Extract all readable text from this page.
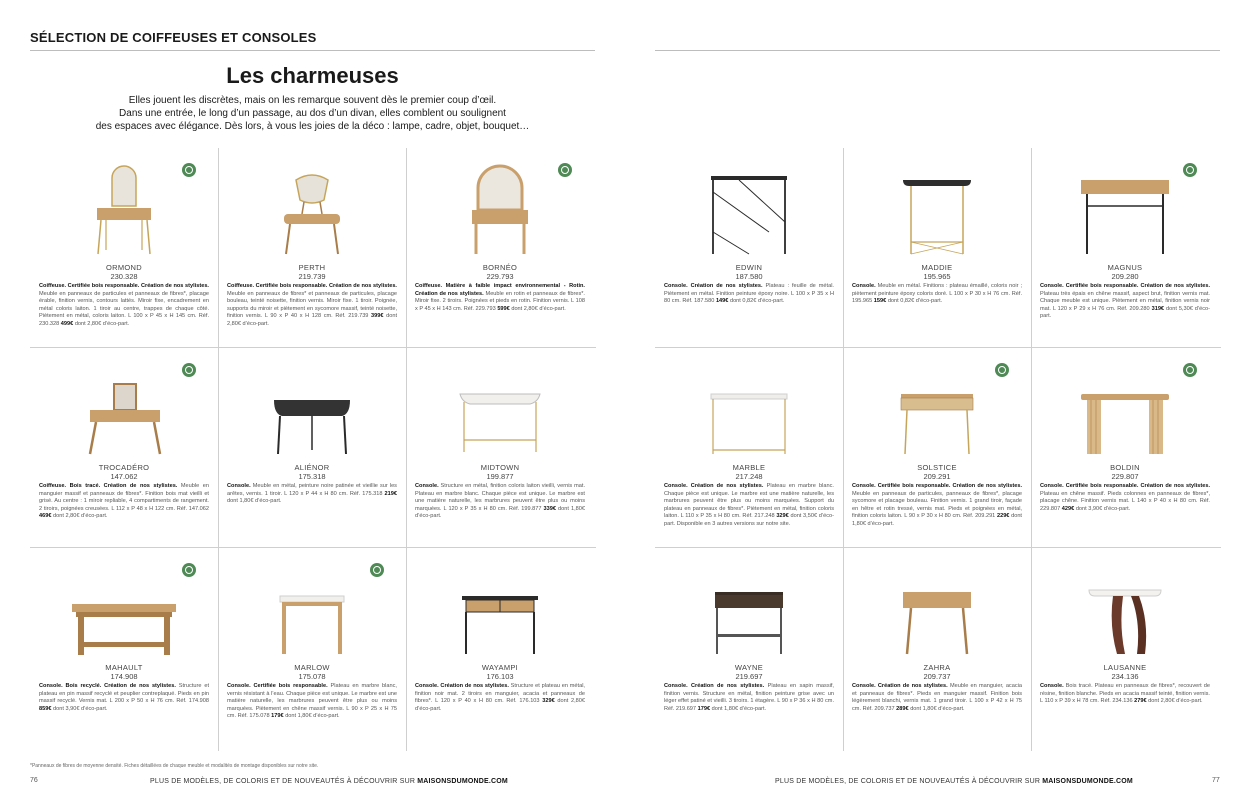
SÉLECTION DE COIFFEUSES ET CONSOLES
Les charmeuses
Elles jouent les discrètes, mais on les remarque souvent dès le premier coup d’œil.
Dans une entrée, le long d’un passage, au dos d’un divan, elles comblent ou soulignent
des espaces avec élégance. Dès lors, à vous les joies de la déco : lampe, cadre, objet, bouquet…
ORMOND
230.328
Coiffeuse. Certifiée bois responsable. Création de nos stylistes. Meuble en panneaux de particules et panneaux de fibres*, placage érable, finition vernis, contours lattés. Miroir fixe, encadrement en métal coloris laiton. 1 tiroir au centre, trappes de chaque côté. Piètement en métal, coloris laiton. L 100 x P 45 x H 145 cm. Réf. 230.328 499€ dont 2,80€ d’éco-part.
PERTH
219.739
Coiffeuse. Certifiée bois responsable. Création de nos stylistes. Meuble en panneaux de fibres* et panneaux de particules, placage bouleau, teinté noisette, finition vernis. Miroir fixe. 1 tiroir. Poignée, supports du miroir et piètement en sycomore massif, teinté noisette, finition vernis. L 90 x P 40 x H 128 cm. Réf. 219.739 399€ dont 2,80€ d’éco-part.
BORNÉO
229.793
Coiffeuse. Matière à faible impact environnemental - Rotin. Création de nos stylistes. Meuble en rotin et panneaux de fibres*. Miroir fixe. 2 tiroirs. Poignées et pieds en rotin. Finition vernis. L 108 x P 45 x H 143 cm. Réf. 229.793 599€ dont 2,80€ d’éco-part.
TROCADÉRO
147.062
Coiffeuse. Bois tracé. Création de nos stylistes. Meuble en manguier massif et panneaux de fibres*. Finition bois mat vieilli et grisé. Au centre : 1 miroir repliable, 4 compartiments de rangement. 2 tiroirs, poignées creusées. L 112 x P 48 x H 122 cm. Réf. 147.062 469€ dont 2,80€ d’éco-part.
ALIÉNOR
175.318
Console. Meuble en métal, peinture noire patinée et vieillie sur les arêtes, vernis. 1 tiroir. L 120 x P 44 x H 80 cm. Réf. 175.318 219€ dont 1,80€ d’éco-part.
MIDTOWN
199.877
Console. Structure en métal, finition coloris laiton vieilli, vernis mat. Plateau en marbre blanc. Chaque pièce est unique. Le marbre est une matière naturelle, les marbrures peuvent être plus ou moins marquées. L 120 x P 35 x H 80 cm. Réf. 199.877 339€ dont 1,80€ d’éco-part.
MAHAULT
174.908
Console. Bois recyclé. Création de nos stylistes. Structure et plateau en pin massif recyclé et peuplier contreplaqué. Pieds en pin massif recyclé. Vernis mat. L 200 x P 50 x H 76 cm. Réf. 174.908 859€ dont 3,90€ d’éco-part.
MARLOW
175.078
Console. Certifiée bois responsable. Plateau en marbre blanc, vernis résistant à l’eau. Chaque pièce est unique. Le marbre est une matière naturelle, les marbrures peuvent être plus ou moins marquées. Piètement en chêne massif vernis. L 90 x P 25 x H 75 cm. Réf. 175.078 179€ dont 1,80€ d’éco-part.
WAYAMPI
176.103
Console. Création de nos stylistes. Structure et plateau en métal, finition noir mat. 2 tiroirs en manguier, acacia et panneaux de fibres*. L 120 x P 40 x H 80 cm. Réf. 176.103 329€ dont 2,80€ d’éco-part.
EDWIN
187.580
Console. Création de nos stylistes. Plateau : feuille de métal. Piètement en métal. Finition peinture époxy noire. L 100 x P 35 x H 80 cm. Réf. 187.580 149€ dont 0,82€ d’éco-part.
MADDIE
195.965
Console. Meuble en métal. Finitions : plateau émaillé, coloris noir ; piètement peinture époxy coloris doré. L 100 x P 30 x H 76 cm. Réf. 195.965 159€ dont 0,82€ d’éco-part.
MAGNUS
209.280
Console. Certifiée bois responsable. Création de nos stylistes. Plateau très épais en chêne massif, aspect brut, finition vernis mat. Chaque meuble est unique. Piètement en métal, finition vernis noir mat. L 120 x P 29 x H 76 cm. Réf. 209.280 319€ dont 5,30€ d’éco-part.
MARBLE
217.248
Console. Création de nos stylistes. Plateau en marbre blanc. Chaque pièce est unique. Le marbre est une matière naturelle, les marbrures peuvent être plus ou moins marquées. Support du plateau en panneaux de fibres*. Piètement en métal, finition coloris laiton. L 110 x P 35 x H 80 cm. Réf. 217.248 329€ dont 3,50€ d’éco-part. Disponible en 3 autres versions sur notre site.
SOLSTICE
209.291
Console. Certifiée bois responsable. Création de nos stylistes. Meuble en panneaux de particules, panneaux de fibres*, placage sycomore et placage bouleau. Finition vernis. 1 grand tiroir, façade en hêtre et rotin tressé, vernis mat. Pieds et poignées en métal, finition coloris laiton. L 90 x P 30 x H 80 cm. Réf. 209.291 229€ dont 1,80€ d’éco-part.
BOLDIN
229.807
Console. Certifiée bois responsable. Création de nos stylistes. Plateau en chêne massif. Pieds colonnes en panneaux de fibres*, placage chêne. Finition vernis mat. L 140 x P 40 x H 80 cm. Réf. 229.807 429€ dont 3,90€ d’éco-part.
WAYNE
219.697
Console. Création de nos stylistes. Plateau en sapin massif, finition vernis. Structure en métal, finition peinture grise avec un léger effet patiné et vieilli. 3 tiroirs. 1 étagère. L 90 x P 36 x H 80 cm. Réf. 219.697 179€ dont 1,80€ d’éco-part.
ZAHRA
209.737
Console. Création de nos stylistes. Meuble en manguier, acacia et panneaux de fibres*. Pieds en manguier massif. Finition bois légèrement blanchi, vernis mat. 1 grand tiroir. L 100 x P 42 x H 75 cm. Réf. 209.737 289€ dont 1,80€ d’éco-part.
LAUSANNE
234.136
Console. Bois tracé. Plateau en panneaux de fibres*, recouvert de résine, finition blanche. Pieds en acacia massif teinté, finition vernis. L 110 x P 39 x H 78 cm. Réf. 234.136 279€ dont 2,80€ d’éco-part.
*Panneaux de fibres de moyenne densité. Fiches détaillées de chaque meuble et modalités de montage disponibles sur notre site.
76	77
PLUS DE MODÈLES, DE COLORIS ET DE NOUVEAUTÉS À DÉCOUVRIR SUR MAISONSDUMONDE.COM	PLUS DE MODÈLES, DE COLORIS ET DE NOUVEAUTÉS À DÉCOUVRIR SUR MAISONSDUMONDE.COM
